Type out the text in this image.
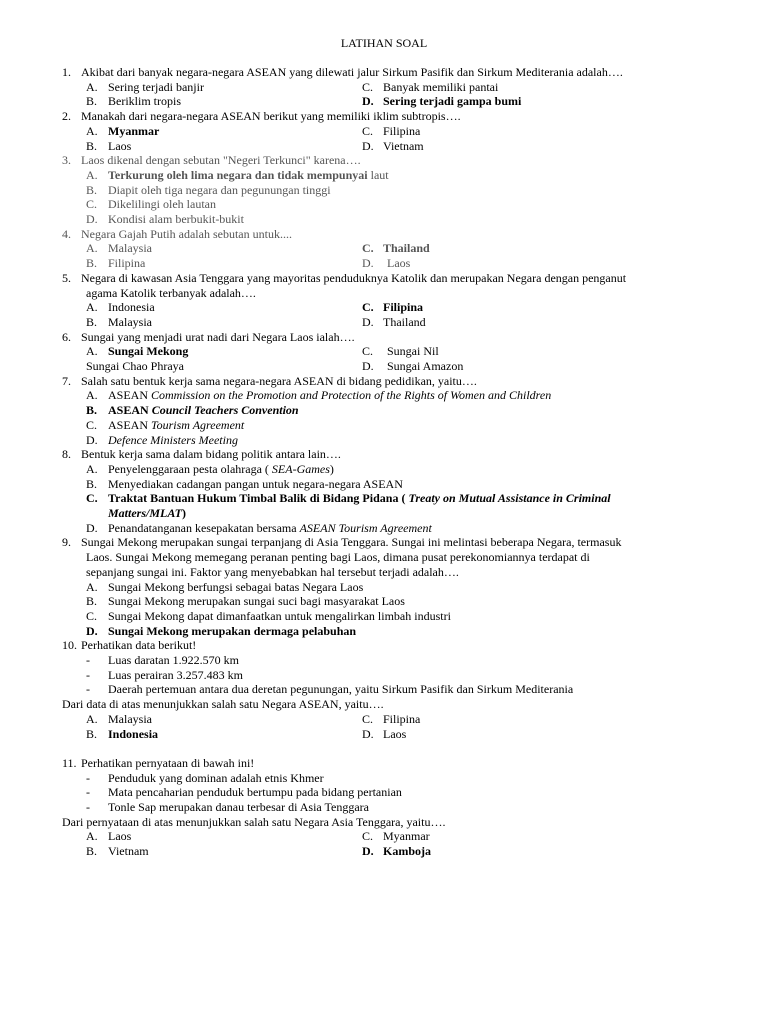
LATIHAN SOAL
1. Akibat dari banyak negara-negara ASEAN yang dilewati jalur Sirkum Pasifik dan Sirkum Mediterania adalah….
A. Sering terjadi banjir	C. Banyak memiliki pantai
B. Beriklim tropis	D. Sering terjadi gampa bumi
2. Manakah dari negara-negara ASEAN berikut yang memiliki iklim subtropis….
A. Myanmar	C. Filipina
B. Laos	D. Vietnam
3. Laos dikenal dengan sebutan "Negeri Terkunci" karena….
A. Terkurung oleh lima negara dan tidak mempunyai laut
B. Diapit oleh tiga negara dan pegunungan tinggi
C. Dikelilingi oleh lautan
D. Kondisi alam berbukit-bukit
4. Negara Gajah Putih adalah sebutan untuk....
A. Malaysia	C. Thailand
B. Filipina	D. Laos
5. Negara di kawasan Asia Tenggara yang mayoritas penduduknya Katolik dan merupakan Negara dengan penganut
agama Katolik terbanyak adalah….
A. Indonesia	C. Filipina
B. Malaysia	D. Thailand
6. Sungai yang menjadi urat nadi dari Negara Laos ialah….
A. Sungai Mekong	C. Sungai Nil
Sungai Chao Phraya	D. Sungai Amazon
7. Salah satu bentuk kerja sama negara-negara ASEAN di bidang pedidikan, yaitu….
A. ASEAN Commission on the Promotion and Protection of the Rights of Women and Children
B. ASEAN Council Teachers Convention
C. ASEAN Tourism Agreement
D. Defence Ministers Meeting
8. Bentuk kerja sama dalam bidang politik antara lain….
A. Penyelenggaraan pesta olahraga ( SEA-Games)
B. Menyediakan cadangan pangan untuk negara-negara ASEAN
C. Traktat Bantuan Hukum Timbal Balik di Bidang Pidana ( Treaty on Mutual Assistance in Criminal
Matters/MLAT)
D. Penandatanganan kesepakatan bersama ASEAN Tourism Agreement
9. Sungai Mekong merupakan sungai terpanjang di Asia Tenggara. Sungai ini melintasi beberapa Negara, termasuk
Laos. Sungai Mekong memegang peranan penting bagi Laos, dimana pusat perekonomiannya terdapat di
sepanjang sungai ini. Faktor yang menyebabkan hal tersebut terjadi adalah….
A. Sungai Mekong berfungsi sebagai batas Negara Laos
B. Sungai Mekong merupakan sungai suci bagi masyarakat Laos
C. Sungai Mekong dapat dimanfaatkan untuk mengalirkan limbah industri
D. Sungai Mekong merupakan dermaga pelabuhan
10. Perhatikan data berikut!
- Luas daratan 1.922.570 km
- Luas perairan 3.257.483 km
- Daerah pertemuan antara dua deretan pegunungan, yaitu Sirkum Pasifik dan Sirkum Mediterania
Dari data di atas menunjukkan salah satu Negara ASEAN, yaitu….
A. Malaysia	C. Filipina
B. Indonesia	D. Laos
11. Perhatikan pernyataan di bawah ini!
- Penduduk yang dominan adalah etnis Khmer
- Mata pencaharian penduduk bertumpu pada bidang pertanian
- Tonle Sap merupakan danau terbesar di Asia Tenggara
Dari pernyataan di atas menunjukkan salah satu Negara Asia Tenggara, yaitu….
A. Laos	C. Myanmar
B. Vietnam	D. Kamboja
